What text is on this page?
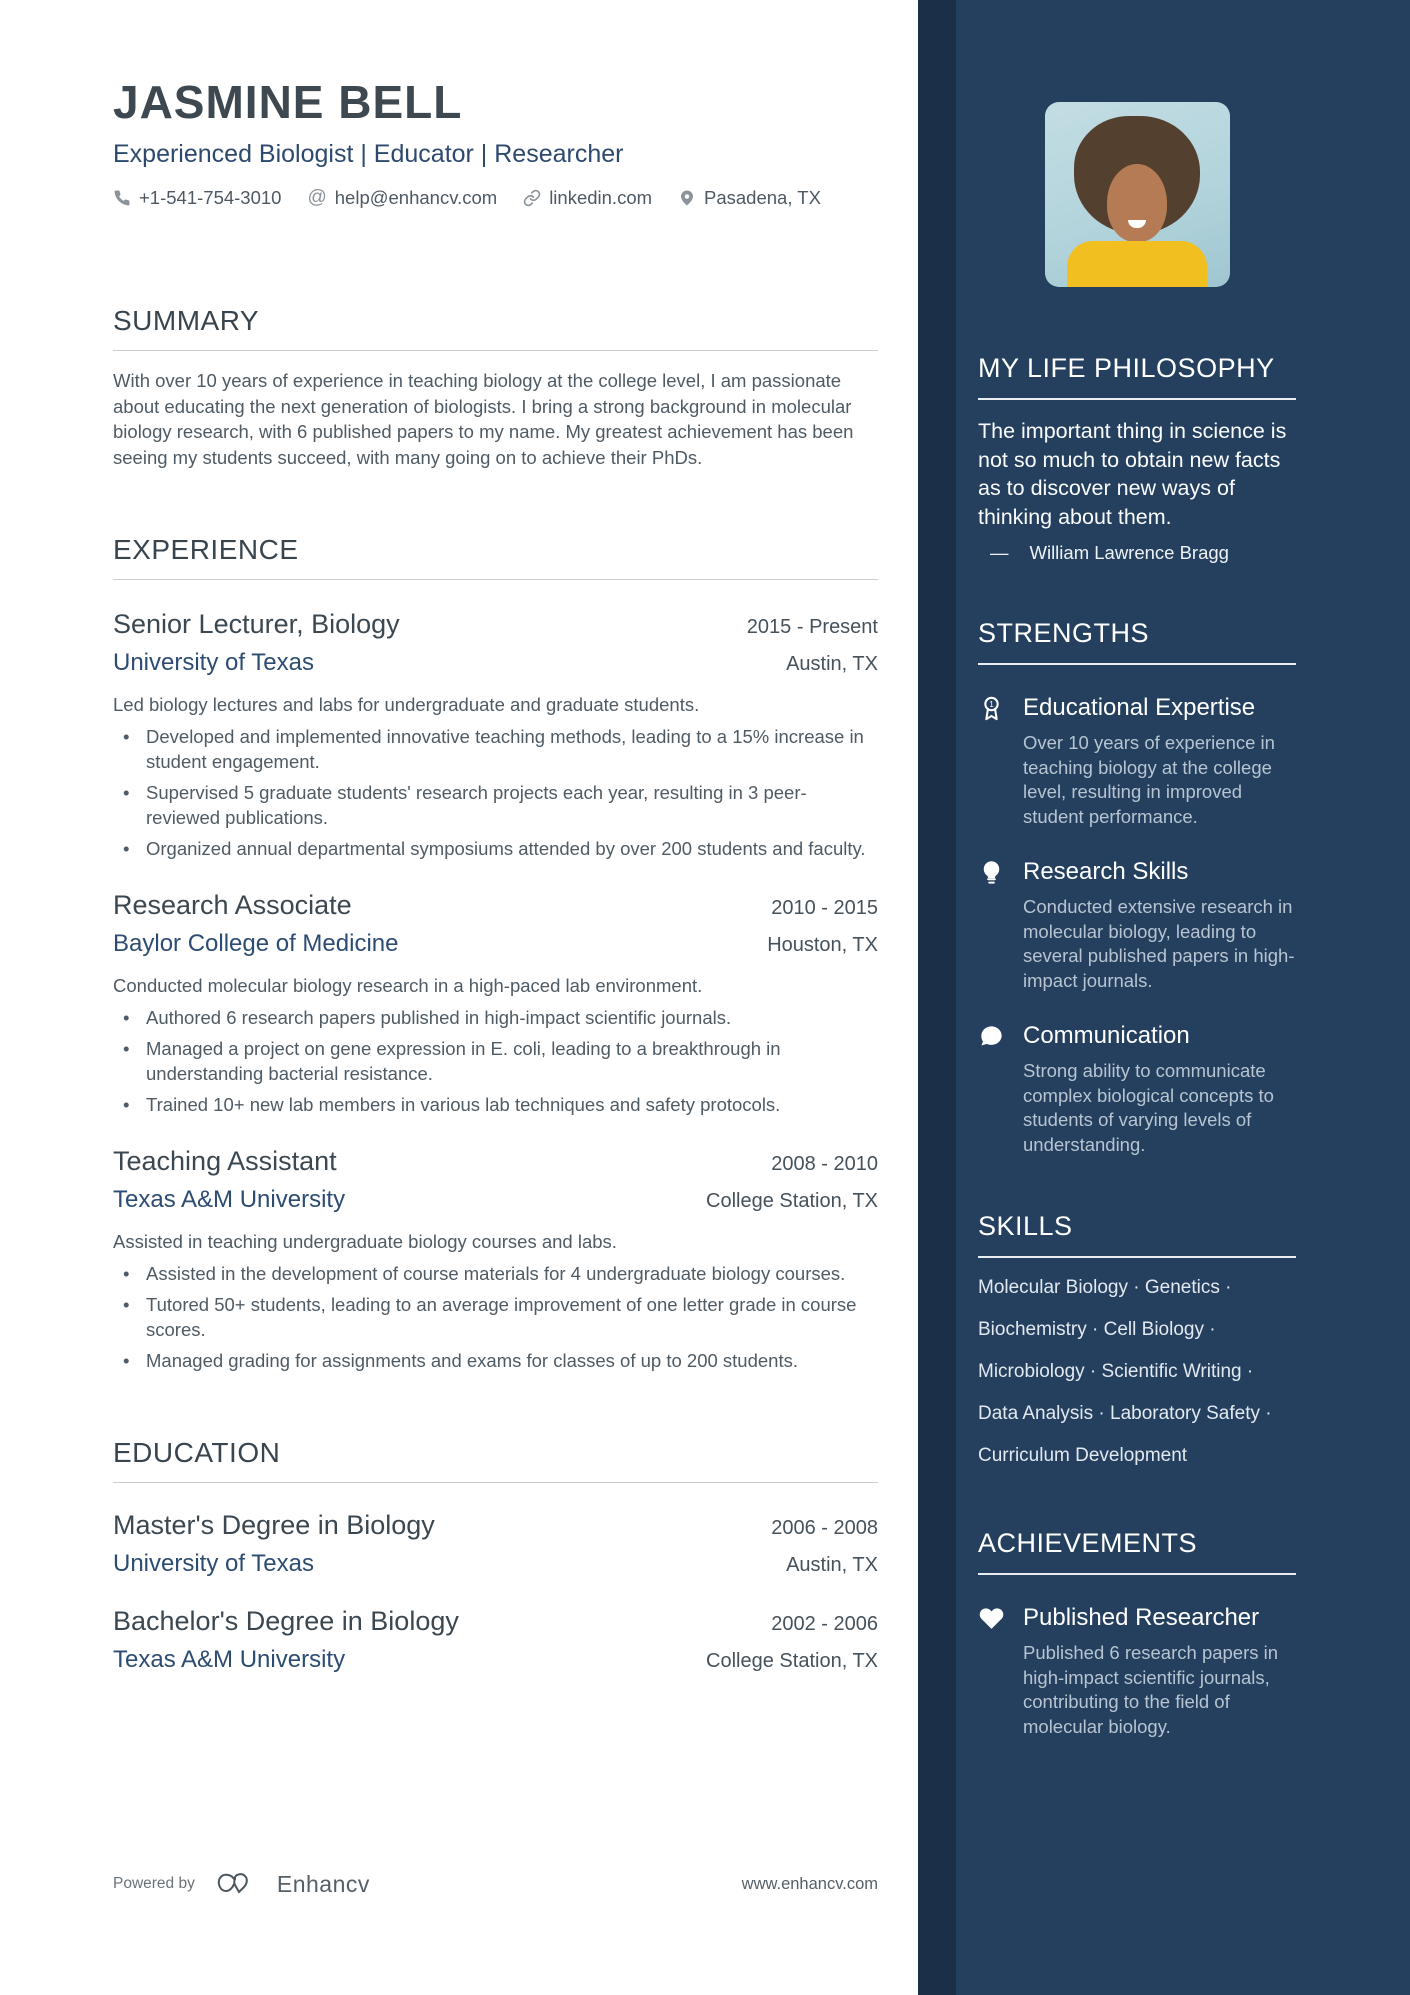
JASMINE BELL
Experienced Biologist | Educator | Researcher
+1-541-754-3010 @ help@enhancv.com	linkedin.com	Pasadena, TX
SUMMARY

With over 10 years of experience in teaching biology at the college level, I am passionate about educating the next generation of biologists. I bring a strong background in molecular biology research, with 6 published papers to my name. My greatest achievement has been seeing my students succeed, with many going on to achieve their PhDs.

EXPERIENCE
Senior Lecturer, Biology	2015 - Present
University of Texas	Austin, TX
Led biology lectures and labs for undergraduate and graduate students.
• Developed and implemented innovative teaching methods, leading to a 15% increase in student engagement.
• Supervised 5 graduate students' research projects each year, resulting in 3 peer-reviewed publications.
• Organized annual departmental symposiums attended by over 200 students and faculty.
Research Associate	2010 - 2015
Baylor College of Medicine	Houston, TX
Conducted molecular biology research in a high-paced lab environment.
• Authored 6 research papers published in high-impact scientific journals.
• Managed a project on gene expression in E. coli, leading to a breakthrough in understanding bacterial resistance.
• Trained 10+ new lab members in various lab techniques and safety protocols.
Teaching Assistant	2008 - 2010
Texas A&M University	College Station, TX
Assisted in teaching undergraduate biology courses and labs.
• Assisted in the development of course materials for 4 undergraduate biology courses.
• Tutored 50+ students, leading to an average improvement of one letter grade in course scores.
• Managed grading for assignments and exams for classes of up to 200 students.
EDUCATION
Master's Degree in Biology	2006 - 2008
University of Texas	Austin, TX
Bachelor's Degree in Biology	2002 - 2006
Texas A&M University	College Station, TX
Powered by	Enhancv	www.enhancv.com
MY LIFE PHILOSOPHY
The important thing in science is not so much to obtain new facts as to discover new ways of thinking about them.
— William Lawrence Bragg
STRENGTHS
1 Educational Expertise
Over 10 years of experience in teaching biology at the college level, resulting in improved student performance.
Research Skills
Conducted extensive research in molecular biology, leading to several published papers in high-impact journals.
Communication
Strong ability to communicate complex biological concepts to students of varying levels of understanding.
SKILLS
Molecular Biology · Genetics ·
Biochemistry · Cell Biology ·
Microbiology · Scientific Writing ·
Data Analysis · Laboratory Safety ·
Curriculum Development
ACHIEVEMENTS
Published Researcher
Published 6 research papers in high-impact scientific journals, contributing to the field of molecular biology.
